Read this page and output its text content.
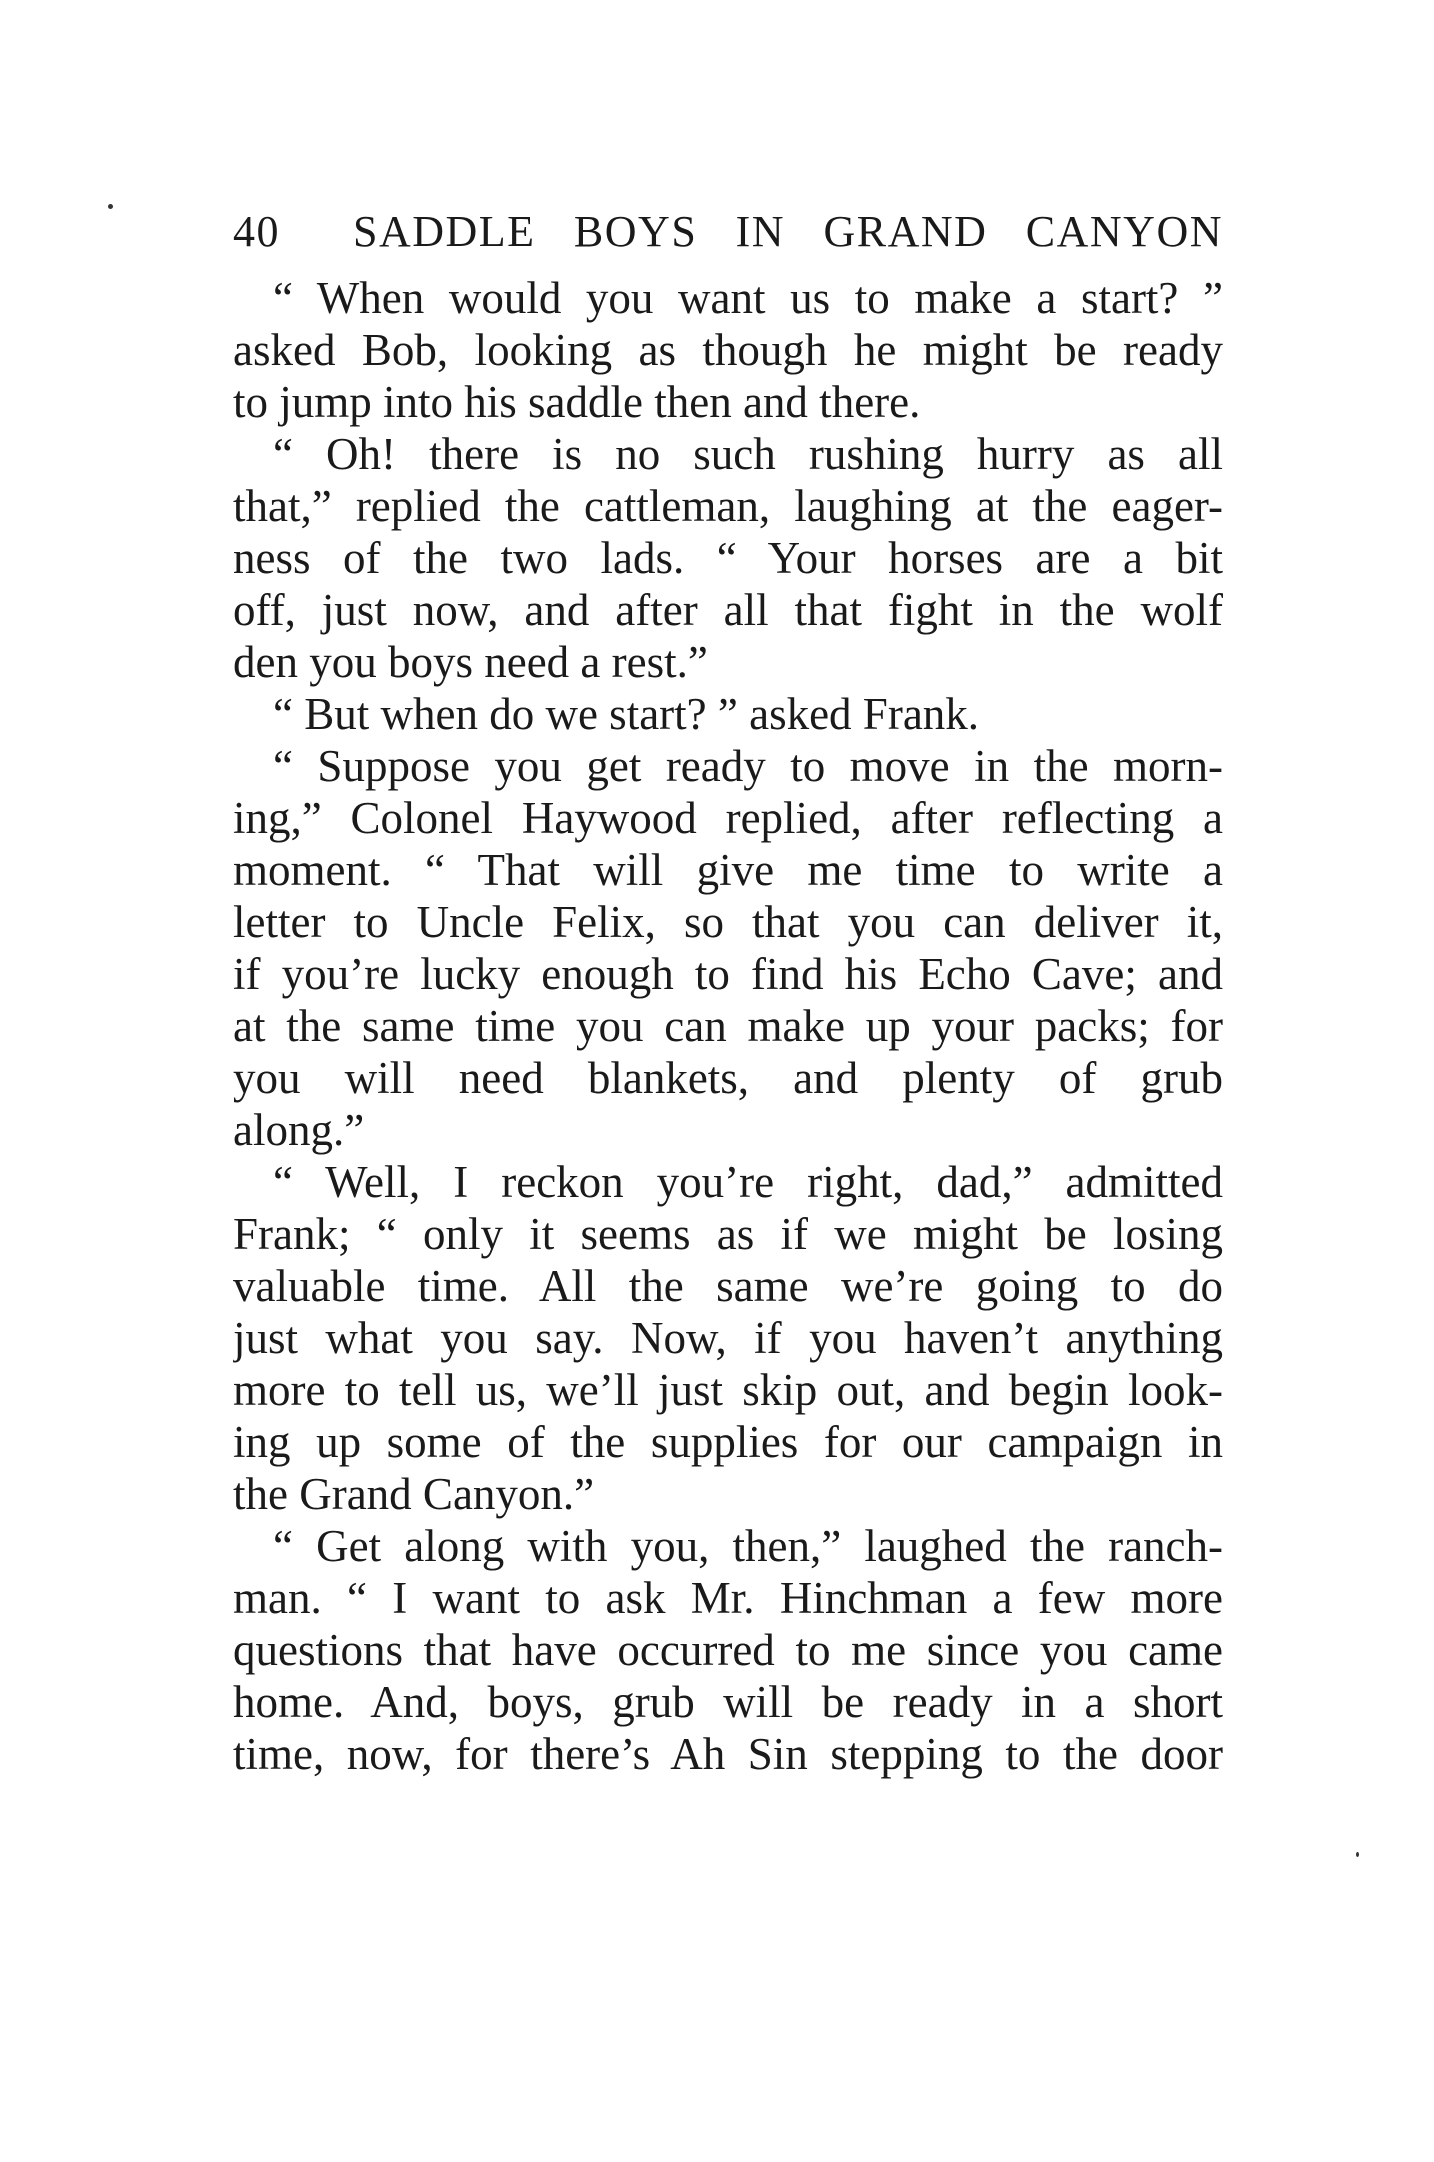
40 SADDLE BOYS IN GRAND CANYON
“ When would you want us to make a start? ”
asked Bob, looking as though he might be ready
to jump into his saddle then and there.
“ Oh! there is no such rushing hurry as all
that,” replied the cattleman, laughing at the eager-
ness of the two lads. “ Your horses are a bit
off, just now, and after all that fight in the wolf
den you boys need a rest.”
“ But when do we start? ” asked Frank.
“ Suppose you get ready to move in the morn-
ing,” Colonel Haywood replied, after reflecting a
moment. “ That will give me time to write a
letter to Uncle Felix, so that you can deliver it,
if you’re lucky enough to find his Echo Cave; and
at the same time you can make up your packs; for
you will need blankets, and plenty of grub
along.”
“ Well, I reckon you’re right, dad,” admitted
Frank; “ only it seems as if we might be losing
valuable time. All the same we’re going to do
just what you say. Now, if you haven’t anything
more to tell us, we’ll just skip out, and begin look-
ing up some of the supplies for our campaign in
the Grand Canyon.”
“ Get along with you, then,” laughed the ranch-
man. “ I want to ask Mr. Hinchman a few more
questions that have occurred to me since you came
home. And, boys, grub will be ready in a short
time, now, for there’s Ah Sin stepping to the door
